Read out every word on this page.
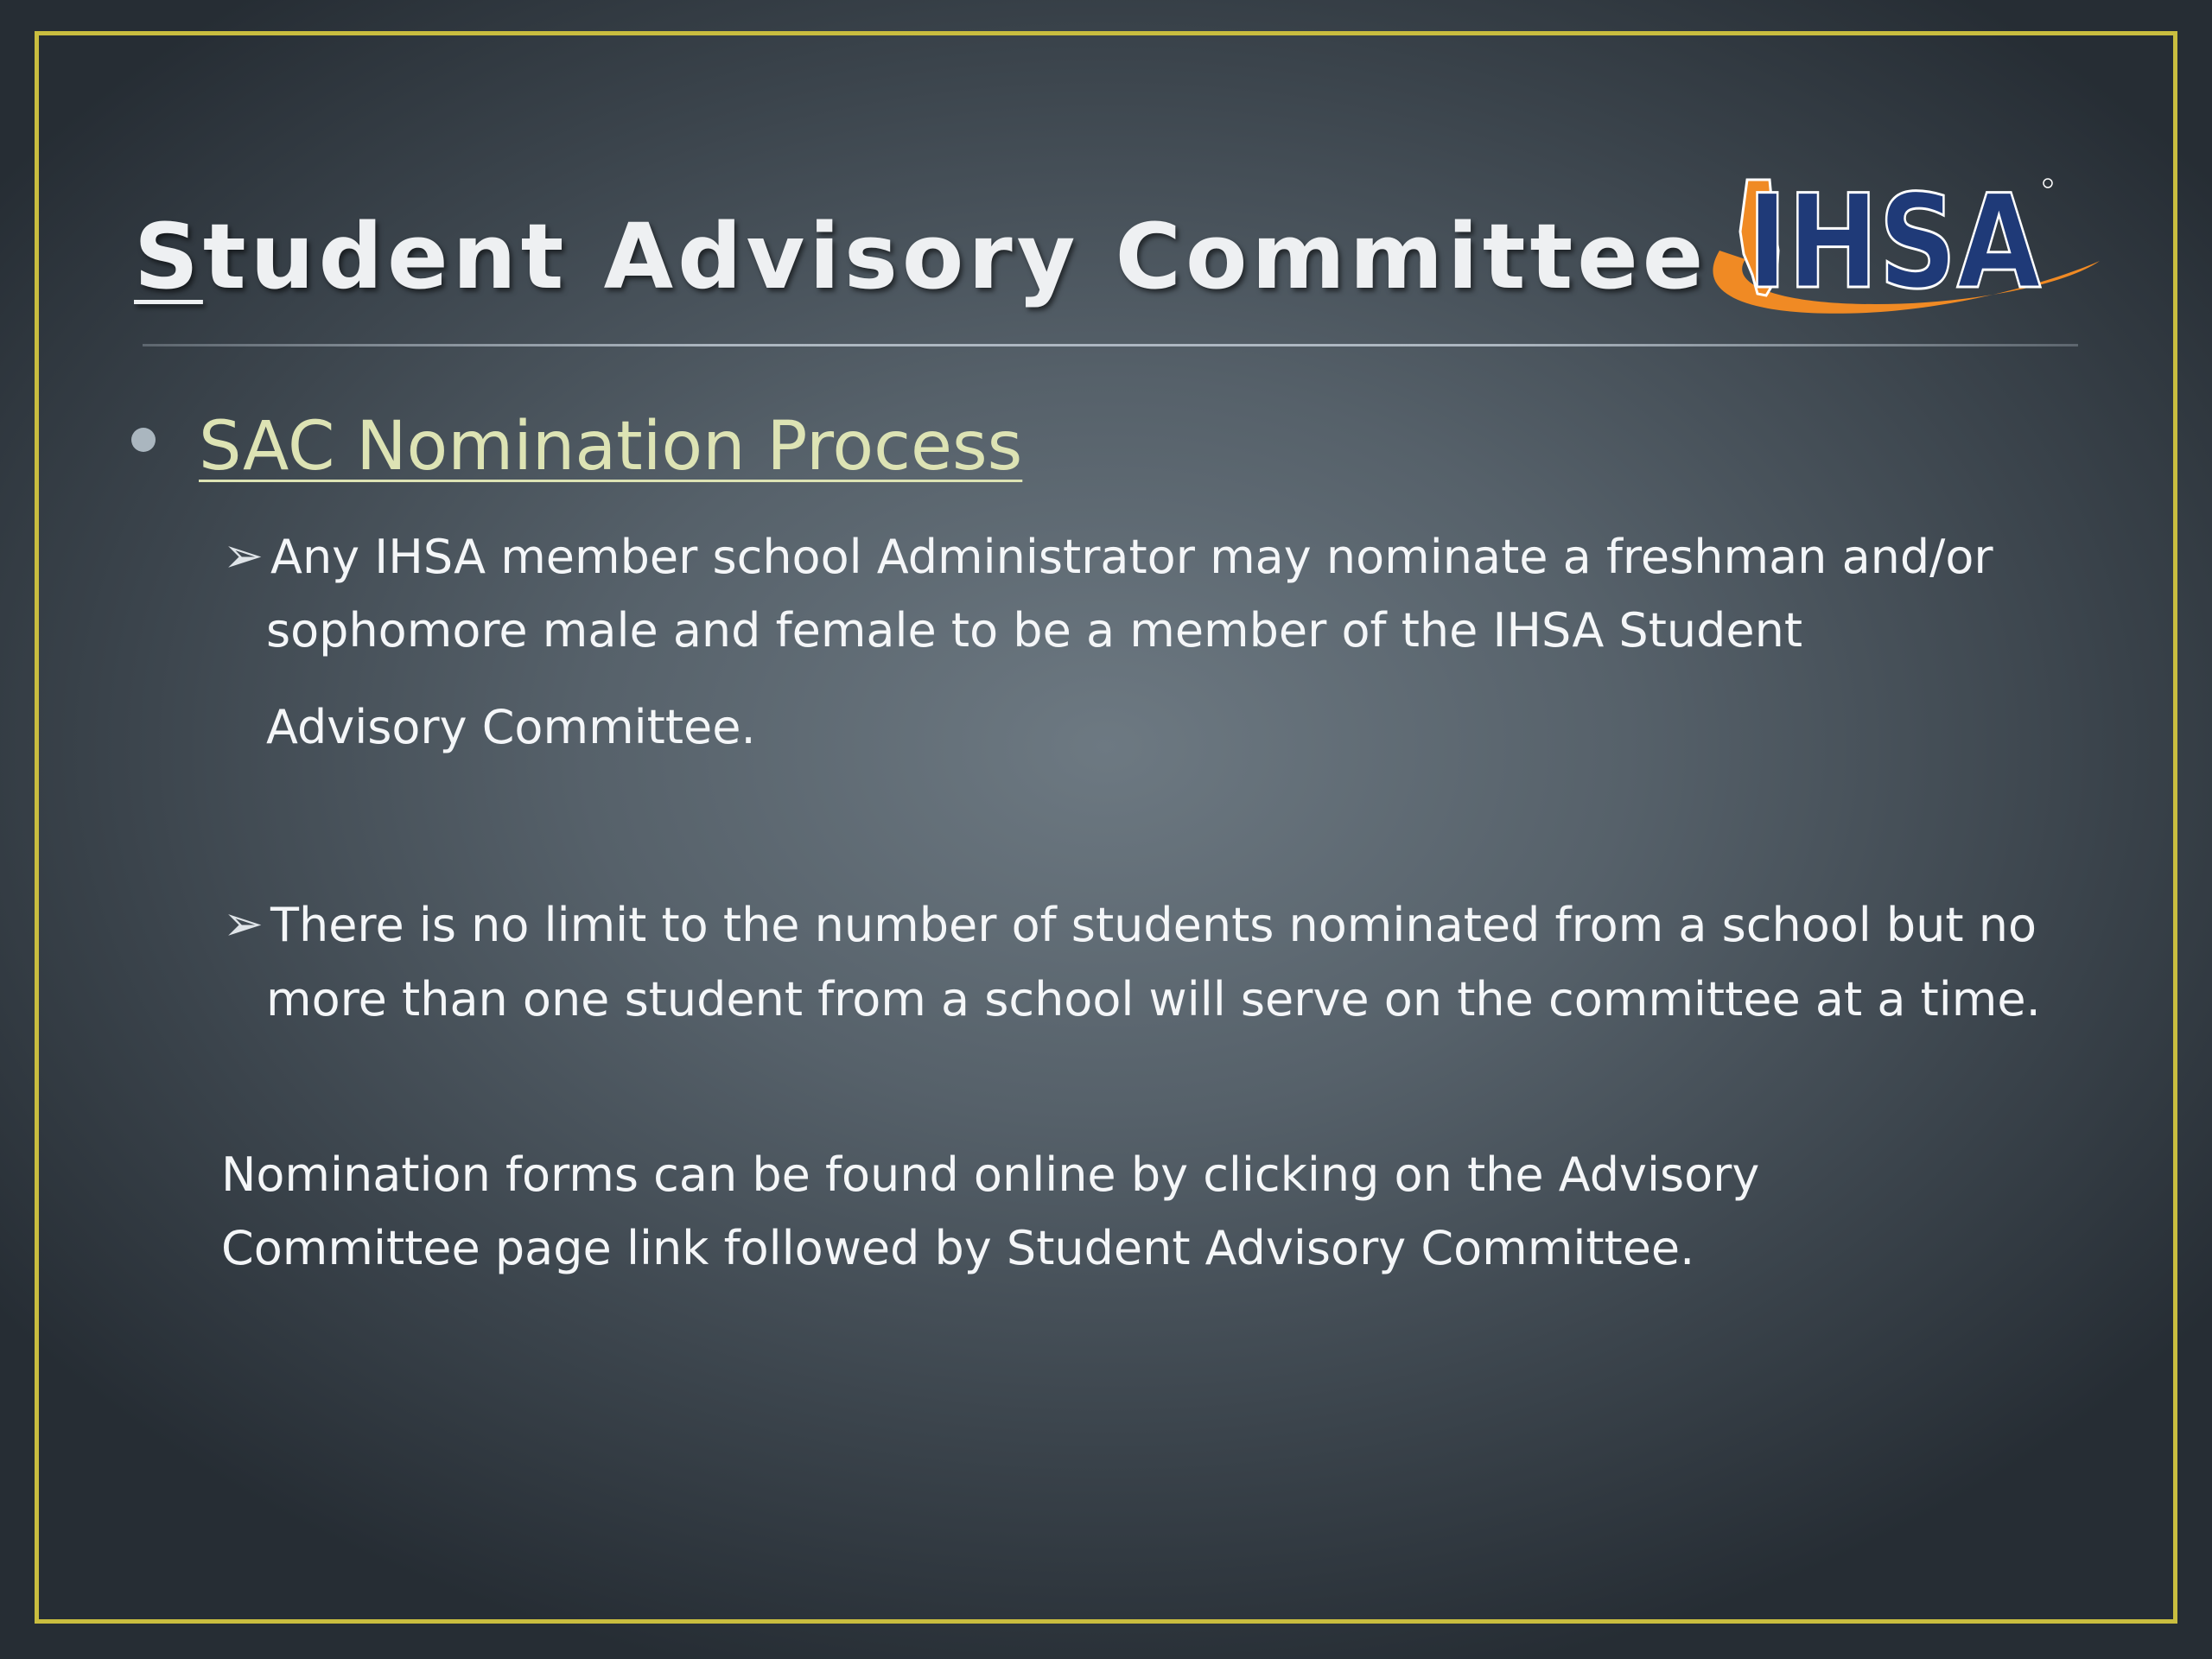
Student Advisory Committee IHSA
SAC Nomination Process
➢ Any IHSA member school Administrator may nominate a freshman and/or
sophomore male and female to be a member of the IHSA Student
Advisory Committee.
➢ There is no limit to the number of students nominated from a school but no
more than one student from a school will serve on the committee at a time.
Nomination forms can be found online by clicking on the Advisory
Committee page link followed by Student Advisory Committee.
